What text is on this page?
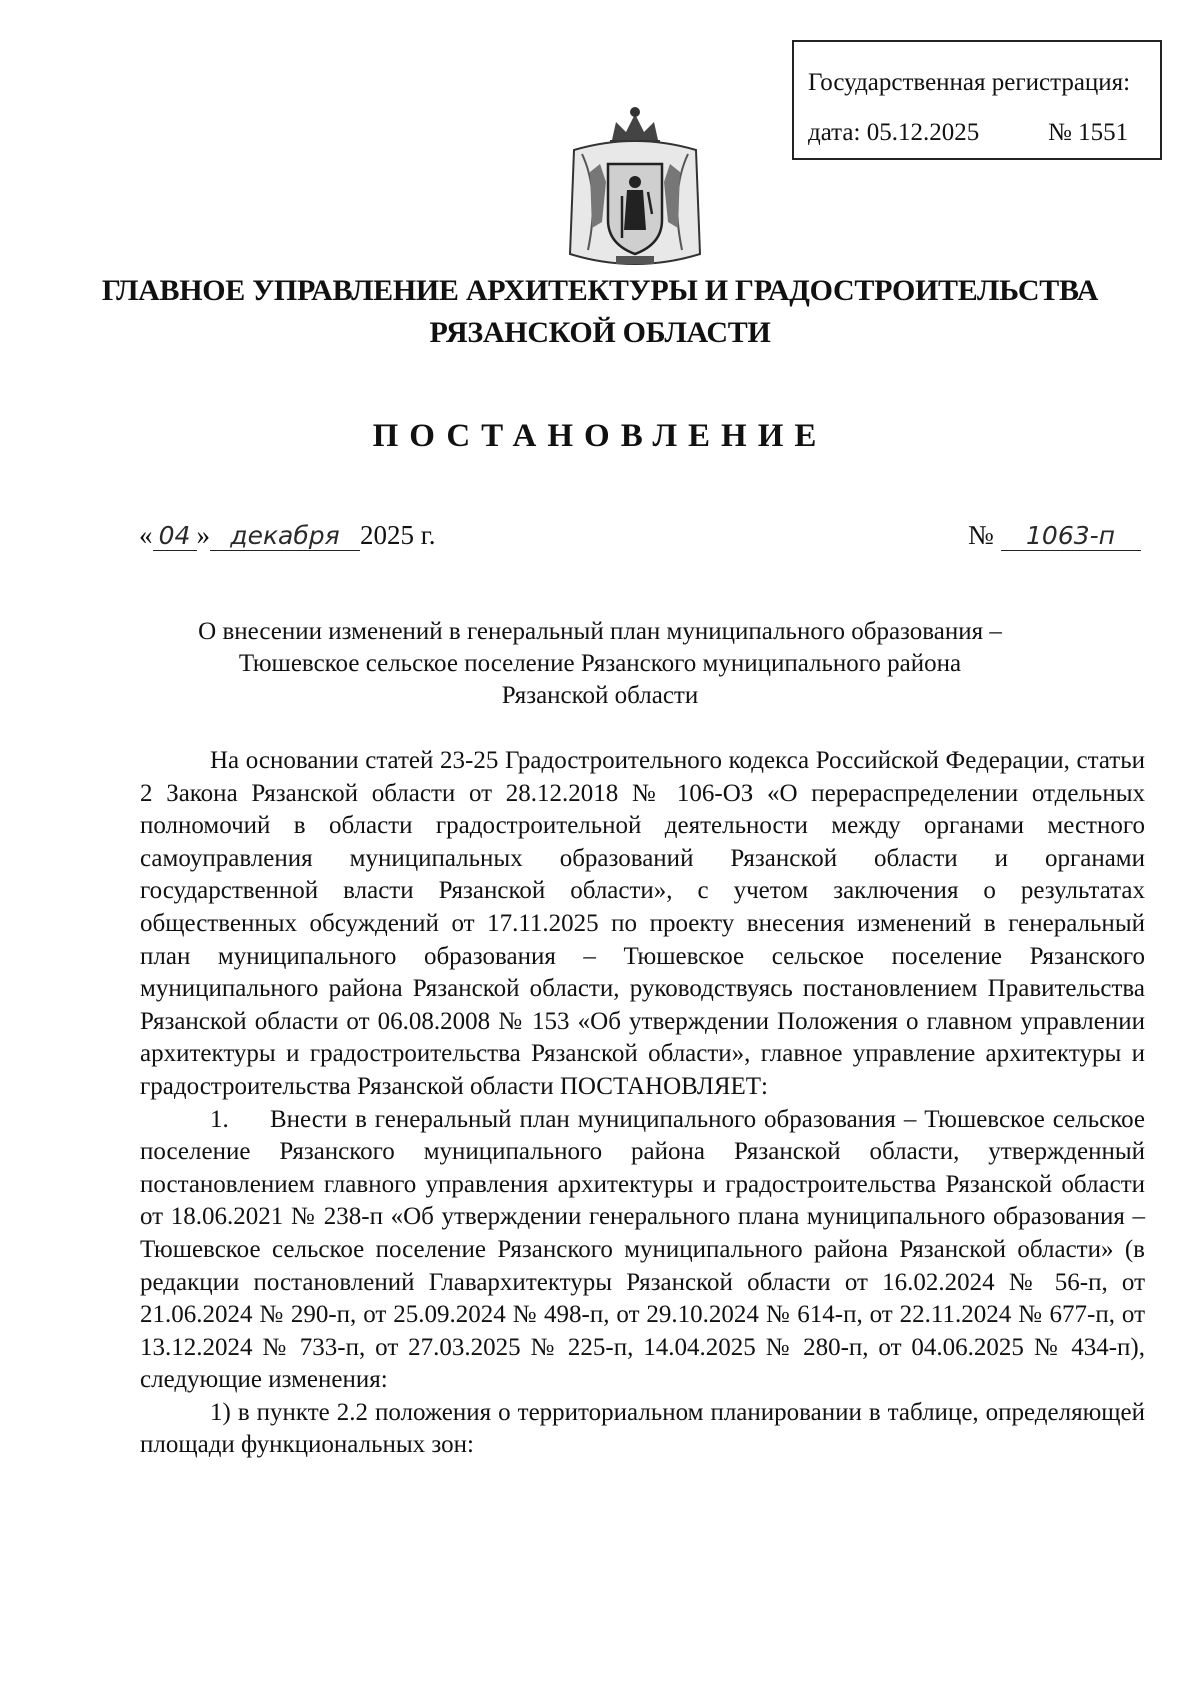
Государственная регистрация:
дата: 05.12.2025	№ 1551
ГЛАВНОЕ УПРАВЛЕНИЕ АРХИТЕКТУРЫ И ГРАДОСТРОИТЕЛЬСТВА
РЯЗАНСКОЙ ОБЛАСТИ
ПОСТАНОВЛЕНИЕ
« 04 » декабря 2025 г.	№ 1063-п
О внесении изменений в генеральный план муниципального образования –
Тюшевское сельское поселение Рязанского муниципального района
Рязанской области

На основании статей 23-25 Градостроительного кодекса Российской Федерации, статьи 2 Закона Рязанской области от 28.12.2018 № 106-ОЗ «О перераспределении отдельных полномочий в области градостроительной деятельности между органами местного самоуправления муниципальных образований Рязанской области и органами государственной власти Рязанской области», с учетом заключения о результатах общественных обсуждений от 17.11.2025 по проекту внесения изменений в генеральный план муниципального образования – Тюшевское сельское поселение Рязанского муниципального района Рязанской области, руководствуясь постановлением Правительства Рязанской области от 06.08.2008 № 153 «Об утверждении Положения о главном управлении архитектуры и градостроительства Рязанской области», главное управление архитектуры и градостроительства Рязанской области ПОСТАНОВЛЯЕТ:

1. Внести в генеральный план муниципального образования – Тюшевское сельское поселение Рязанского муниципального района Рязанской области, утвержденный постановлением главного управления архитектуры и градостроительства Рязанской области от 18.06.2021 № 238-п «Об утверждении генерального плана муниципального образования – Тюшевское сельское поселение Рязанского муниципального района Рязанской области» (в редакции постановлений Главархитектуры Рязанской области от 16.02.2024 № 56-п, от 21.06.2024 № 290-п, от 25.09.2024 № 498-п, от 29.10.2024 № 614-п, от 22.11.2024 № 677-п, от 13.12.2024 № 733-п, от 27.03.2025 № 225-п, 14.04.2025 № 280-п, от 04.06.2025 № 434-п), следующие изменения:

1) в пункте 2.2 положения о территориальном планировании в таблице, определяющей площади функциональных зон:
